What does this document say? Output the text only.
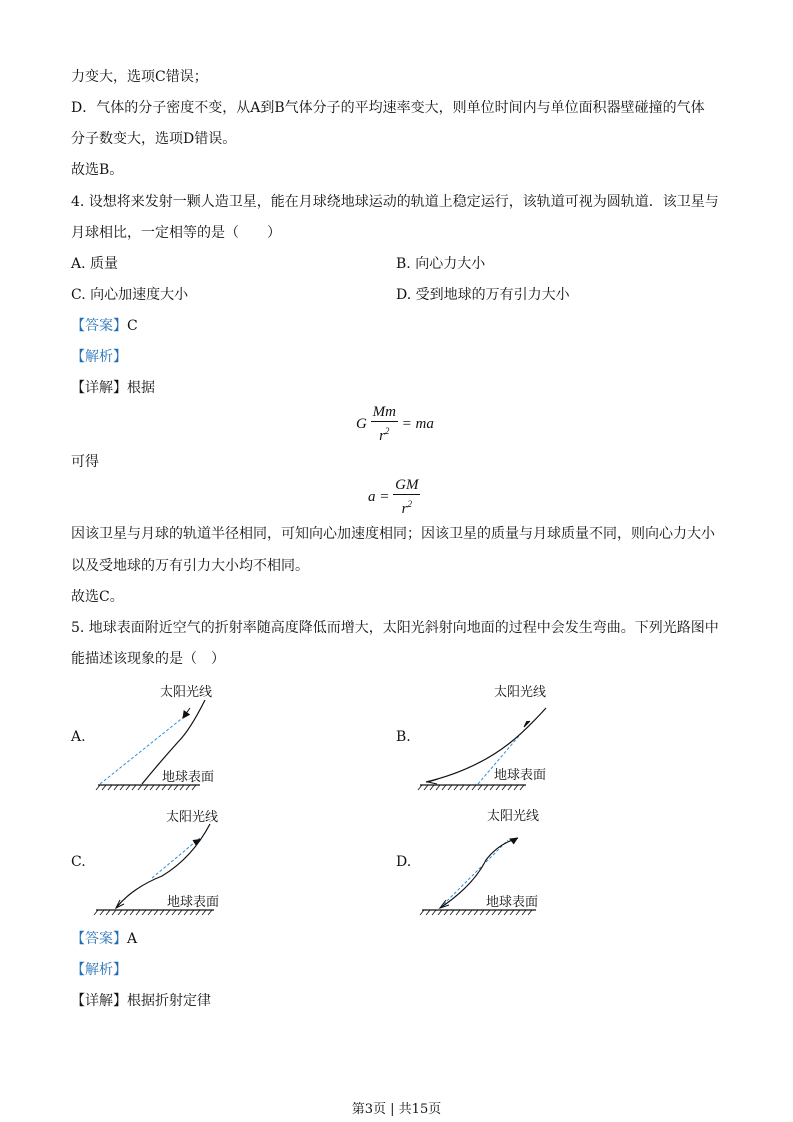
力变大，选项C错误；
D．气体的分子密度不变，从A到B气体分子的平均速率变大，则单位时间内与单位面积器壁碰撞的气体
分子数变大，选项D错误。
故选B。
4. 设想将来发射一颗人造卫星，能在月球绕地球运动的轨道上稳定运行，该轨道可视为圆轨道．该卫星与
月球相比，一定相等的是（　　）
A. 质量	B. 向心力大小
C. 向心加速度大小	D. 受到地球的万有引力大小
【答案】C
【解析】
【详解】根据
G $\frac{Mm}{r^2}$ = ma
可得
$a = \frac{GM}{r^2}$
因该卫星与月球的轨道半径相同，可知向心加速度相同；因该卫星的质量与月球质量不同，则向心力大小
以及受地球的万有引力大小均不相同。
故选C。
5. 地球表面附近空气的折射率随高度降低而增大，太阳光斜射向地面的过程中会发生弯曲。下列光路图中
能描述该现象的是（　）
A.
太阳光线
地球表面
B.
太阳光线
地球表面
C.
太阳光线
地球表面
D.
太阳光线
地球表面
【答案】A
【解析】
【详解】根据折射定律
第3页 | 共15页
